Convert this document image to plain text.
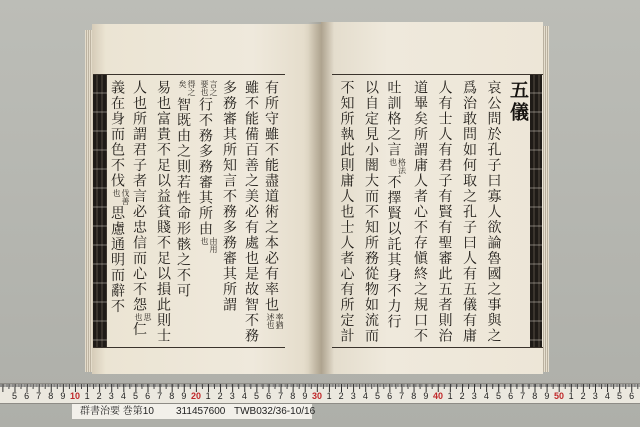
有所守雖不能盡道術之本必有率也率猶述也
雖不能備百善之美必有處也是故智不務
多務審其所知言不務多務審其所謂
言之要也行不務多務審其所由由用也
得之矣智既由之則若性命形骸之不可
易也富貴不足以益貧賤不足以損此則士
人也所謂君子者言必忠信而心不怨思也仁
義在身而色不伐伐善也思慮通明而辭不
五儀
哀公問於孔子曰寡人欲論魯國之事與之
爲治敢問如何取之孔子曰人有五儀有庸
人有士人有君子有賢有聖審此五者則治
道畢矣所謂庸人者心不存愼終之規口不
吐訓格之言格法也不擇賢以託其身不力行
以自定見小闇大而不知所務從物如流而
不知所執此則庸人也士人者心有所定計
5 6 7 8 9 10 1 2 3 4 5 6 7 8 9 20 1 2 3 4 5 6 7 8 9 30 1 2 3 4 5 6 7 8 9 40 1 2 3 4 5 6 7 8 9 50 1 2 3 4 5 6
群書治要 巻第10 311457600 TWB032/36-10/16
